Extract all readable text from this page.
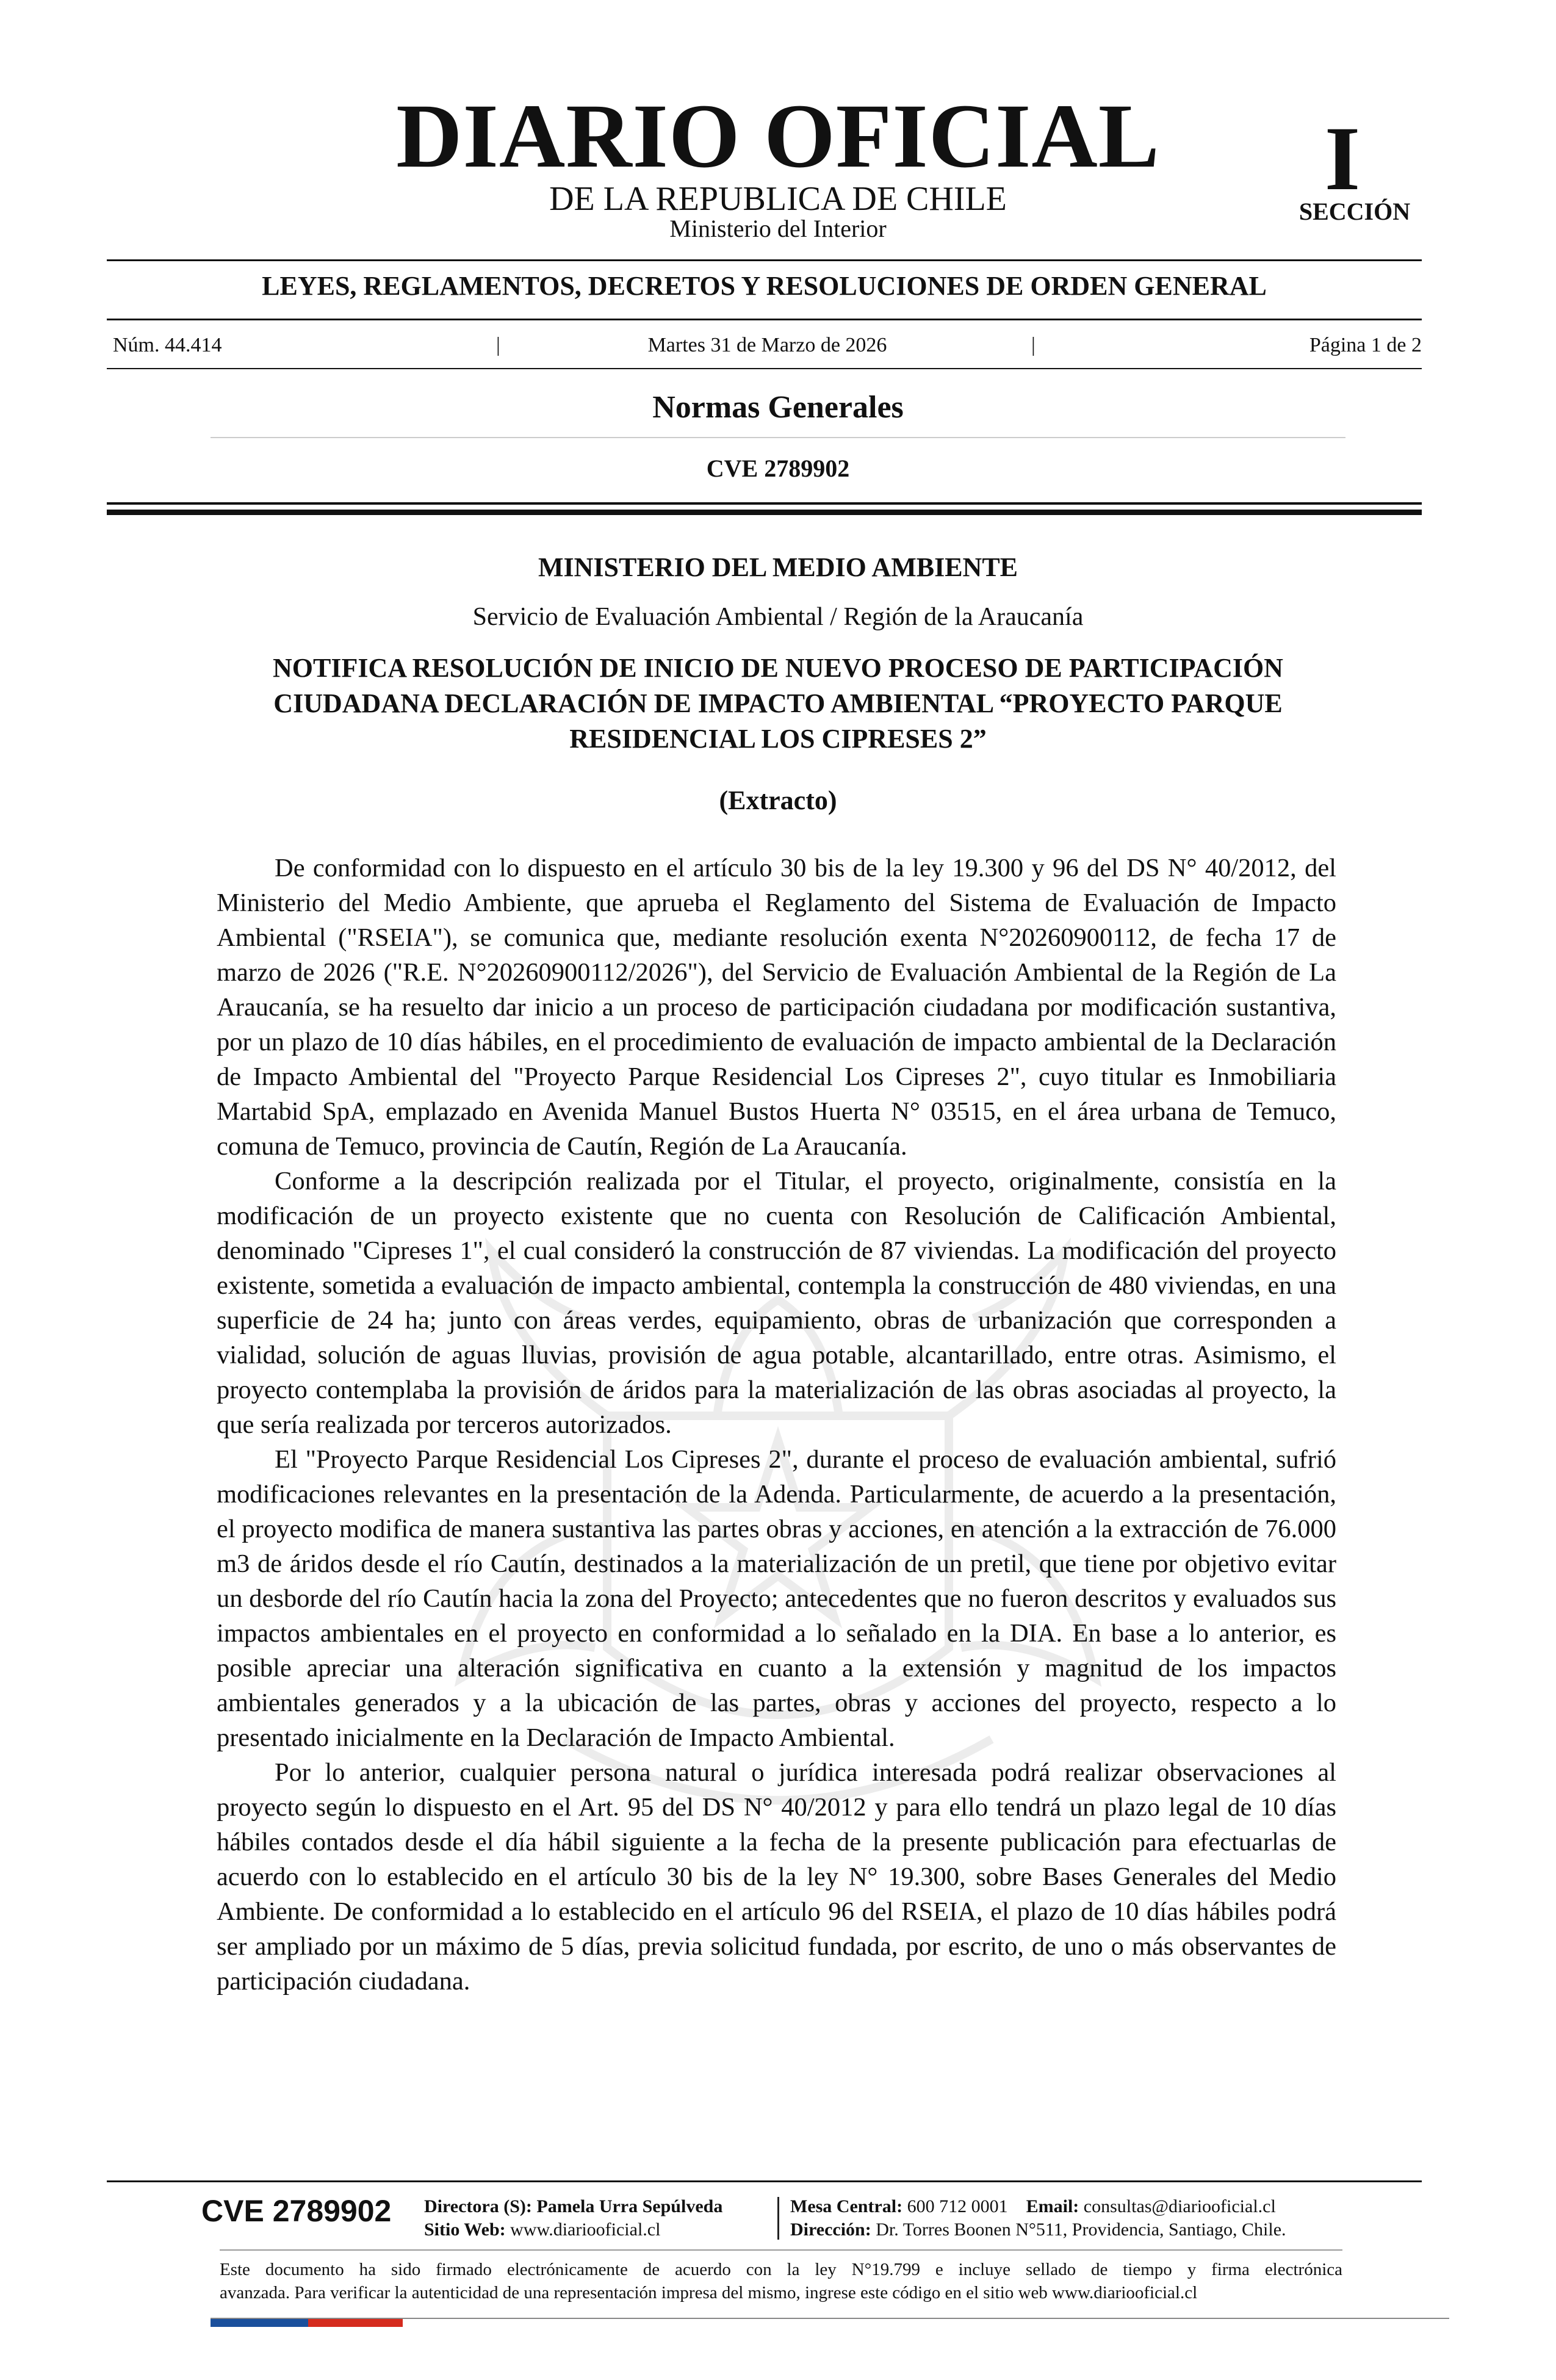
DIARIO OFICIAL
DE LA REPUBLICA DE CHILE
Ministerio del Interior
I
SECCIÓN
LEYES, REGLAMENTOS, DECRETOS Y RESOLUCIONES DE ORDEN GENERAL
Núm. 44.414	|	Martes 31 de Marzo de 2026	|	Página 1 de 2
Normas Generales
CVE 2789902
MINISTERIO DEL MEDIO AMBIENTE
Servicio de Evaluación Ambiental / Región de la Araucanía
NOTIFICA RESOLUCIÓN DE INICIO DE NUEVO PROCESO DE PARTICIPACIÓN CIUDADANA DECLARACIÓN DE IMPACTO AMBIENTAL “PROYECTO PARQUE RESIDENCIAL LOS CIPRESES 2”
(Extracto)

De conformidad con lo dispuesto en el artículo 30 bis de la ley 19.300 y 96 del DS N° 40/2012, del Ministerio del Medio Ambiente, que aprueba el Reglamento del Sistema de Evaluación de Impacto Ambiental ("RSEIA"), se comunica que, mediante resolución exenta N°20260900112, de fecha 17 de marzo de 2026 ("R.E. N°20260900112/2026"), del Servicio de Evaluación Ambiental de la Región de La Araucanía, se ha resuelto dar inicio a un proceso de participación ciudadana por modificación sustantiva, por un plazo de 10 días hábiles, en el procedimiento de evaluación de impacto ambiental de la Declaración de Impacto Ambiental del "Proyecto Parque Residencial Los Cipreses 2", cuyo titular es Inmobiliaria Martabid SpA, emplazado en Avenida Manuel Bustos Huerta N° 03515, en el área urbana de Temuco, comuna de Temuco, provincia de Cautín, Región de La Araucanía.

Conforme a la descripción realizada por el Titular, el proyecto, originalmente, consistía en la modificación de un proyecto existente que no cuenta con Resolución de Calificación Ambiental, denominado "Cipreses 1", el cual consideró la construcción de 87 viviendas. La modificación del proyecto existente, sometida a evaluación de impacto ambiental, contempla la construcción de 480 viviendas, en una superficie de 24 ha; junto con áreas verdes, equipamiento, obras de urbanización que corresponden a vialidad, solución de aguas lluvias, provisión de agua potable, alcantarillado, entre otras. Asimismo, el proyecto contemplaba la provisión de áridos para la materialización de las obras asociadas al proyecto, la que sería realizada por terceros autorizados.

El "Proyecto Parque Residencial Los Cipreses 2", durante el proceso de evaluación ambiental, sufrió modificaciones relevantes en la presentación de la Adenda. Particularmente, de acuerdo a la presentación, el proyecto modifica de manera sustantiva las partes obras y acciones, en atención a la extracción de 76.000 m3 de áridos desde el río Cautín, destinados a la materialización de un pretil, que tiene por objetivo evitar un desborde del río Cautín hacia la zona del Proyecto; antecedentes que no fueron descritos y evaluados sus impactos ambientales en el proyecto en conformidad a lo señalado en la DIA. En base a lo anterior, es posible apreciar una alteración significativa en cuanto a la extensión y magnitud de los impactos ambientales generados y a la ubicación de las partes, obras y acciones del proyecto, respecto a lo presentado inicialmente en la Declaración de Impacto Ambiental.

Por lo anterior, cualquier persona natural o jurídica interesada podrá realizar observaciones al proyecto según lo dispuesto en el Art. 95 del DS N° 40/2012 y para ello tendrá un plazo legal de 10 días hábiles contados desde el día hábil siguiente a la fecha de la presente publicación para efectuarlas de acuerdo con lo establecido en el artículo 30 bis de la ley N° 19.300, sobre Bases Generales del Medio Ambiente. De conformidad a lo establecido en el artículo 96 del RSEIA, el plazo de 10 días hábiles podrá ser ampliado por un máximo de 5 días, previa solicitud fundada, por escrito, de uno o más observantes de participación ciudadana.

CVE 2789902	Directora (S): Pamela Urra Sepúlveda
Sitio Web: www.diariooficial.cl
Mesa Central: 600 712 0001 Email: consultas@diariooficial.cl
Dirección: Dr. Torres Boonen N°511, Providencia, Santiago, Chile.
Este documento ha sido firmado electrónicamente de acuerdo con la ley N°19.799 e incluye sellado de tiempo y firma electrónica
avanzada. Para verificar la autenticidad de una representación impresa del mismo, ingrese este código en el sitio web www.diariooficial.cl
